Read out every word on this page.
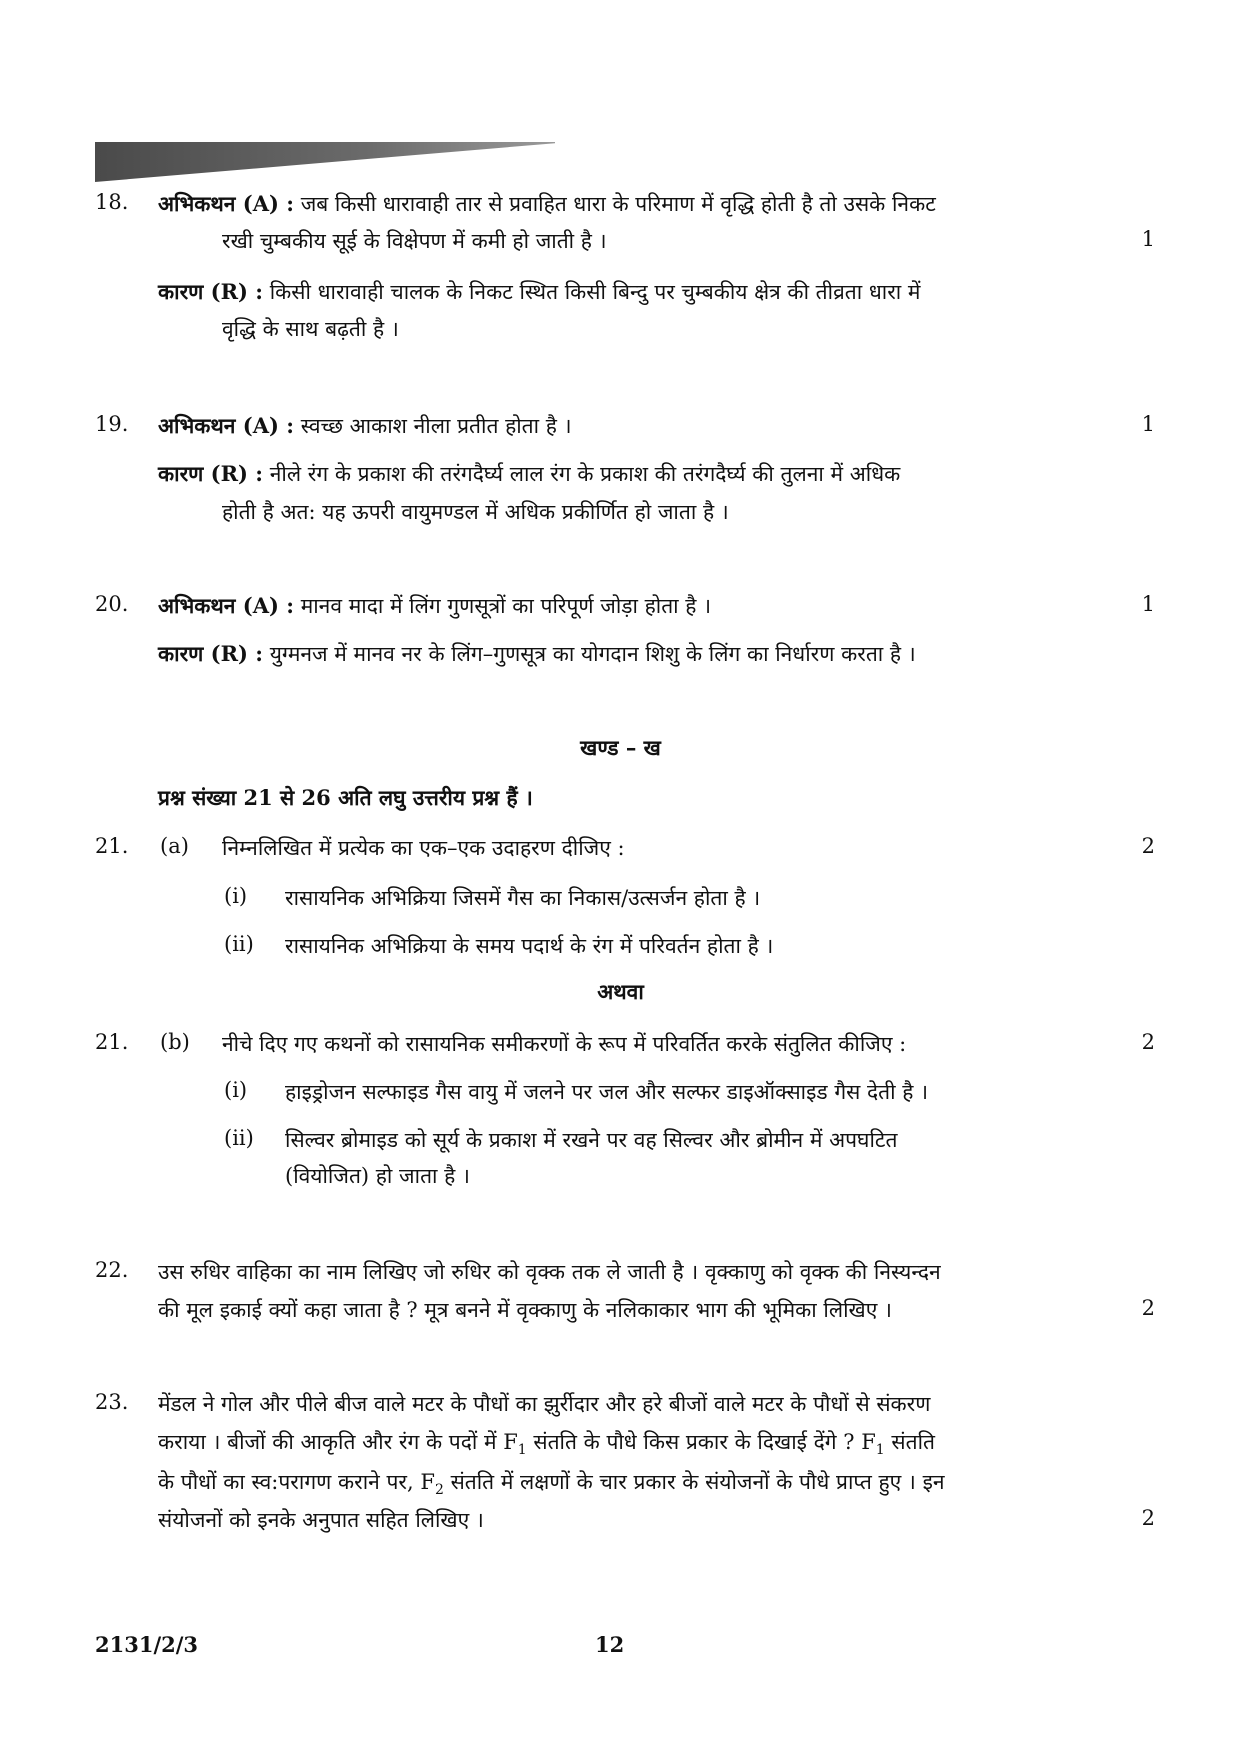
18. अभिकथन (A) : जब किसी धारावाही तार से प्रवाहित धारा के परिमाण में वृद्धि होती है तो उसके निकट
रखी चुम्बकीय सूई के विक्षेपण में कमी हो जाती है ।	1
कारण (R) : किसी धारावाही चालक के निकट स्थित किसी बिन्दु पर चुम्बकीय क्षेत्र की तीव्रता धारा में
वृद्धि के साथ बढ़ती है ।
19. अभिकथन (A) : स्वच्छ आकाश नीला प्रतीत होता है ।	1
कारण (R) : नीले रंग के प्रकाश की तरंगदैर्घ्य लाल रंग के प्रकाश की तरंगदैर्घ्य की तुलना में अधिक
होती है अत: यह ऊपरी वायुमण्डल में अधिक प्रकीर्णित हो जाता है ।
20. अभिकथन (A) : मानव मादा में लिंग गुणसूत्रों का परिपूर्ण जोड़ा होता है ।	1
कारण (R) : युग्मनज में मानव नर के लिंग–गुणसूत्र का योगदान शिशु के लिंग का निर्धारण करता है ।
खण्ड – ख
प्रश्न संख्या 21 से 26 अति लघु उत्तरीय प्रश्न हैं ।
21. (a) निम्नलिखित में प्रत्येक का एक–एक उदाहरण दीजिए :	2
(i) रासायनिक अभिक्रिया जिसमें गैस का निकास/उत्सर्जन होता है ।
(ii) रासायनिक अभिक्रिया के समय पदार्थ के रंग में परिवर्तन होता है ।
अथवा
21. (b) नीचे दिए गए कथनों को रासायनिक समीकरणों के रूप में परिवर्तित करके संतुलित कीजिए :	2
(i) हाइड्रोजन सल्फाइड गैस वायु में जलने पर जल और सल्फर डाइऑक्साइड गैस देती है ।
(ii) सिल्वर ब्रोमाइड को सूर्य के प्रकाश में रखने पर वह सिल्वर और ब्रोमीन में अपघटित
(वियोजित) हो जाता है ।
22. उस रुधिर वाहिका का नाम लिखिए जो रुधिर को वृक्क तक ले जाती है । वृक्काणु को वृक्क की निस्यन्दन
की मूल इकाई क्यों कहा जाता है ? मूत्र बनने में वृक्काणु के नलिकाकार भाग की भूमिका लिखिए ।	2
23. मेंडल ने गोल और पीले बीज वाले मटर के पौधों का झुर्रीदार और हरे बीजों वाले मटर के पौधों से संकरण
कराया । बीजों की आकृति और रंग के पदों में $F_1$ संतति के पौधे किस प्रकार के दिखाई देंगे ? $F_1$ संतति
के पौधों का स्व:परागण कराने पर, $F_2$ संतति में लक्षणों के चार प्रकार के संयोजनों के पौधे प्राप्त हुए । इन
संयोजनों को इनके अनुपात सहित लिखिए ।	2
2131/2/3	12
